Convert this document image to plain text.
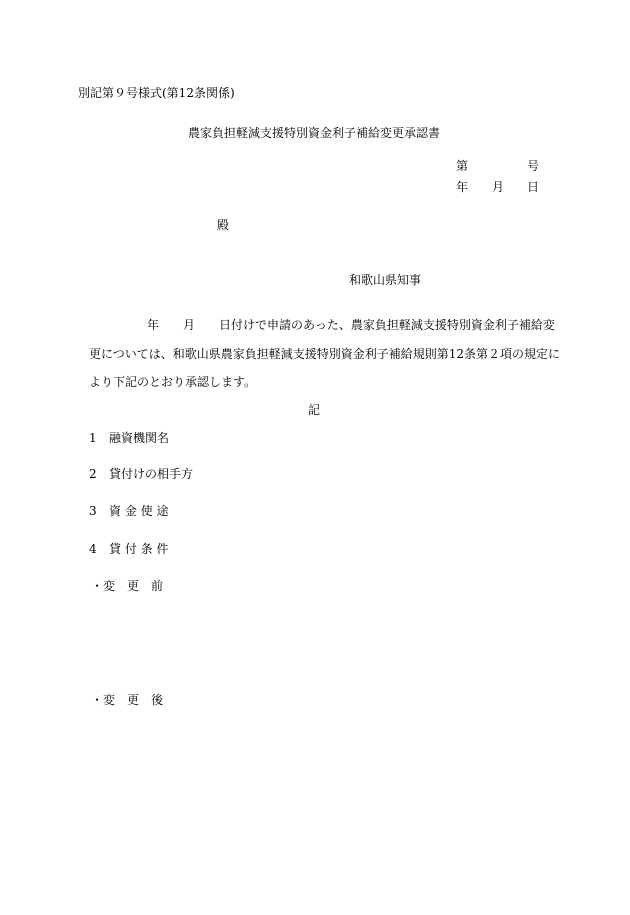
別記第９号様式(第12条関係)
農家負担軽減支援特別資金利子補給変更承認書
第	号
年 月 日
殿
和歌山県知事
年　　月　　日付けで申請のあった、農家負担軽減支援特別資金利子補給変
更については、和歌山県農家負担軽減支援特別資金利子補給規則第12条第２項の規定に
より下記のとおり承認します。
記
1 融資機関名
2 貸付けの相手方
3 資 金 使 途
4 貸 付 条 件
・変　更　前
・変　更　後
